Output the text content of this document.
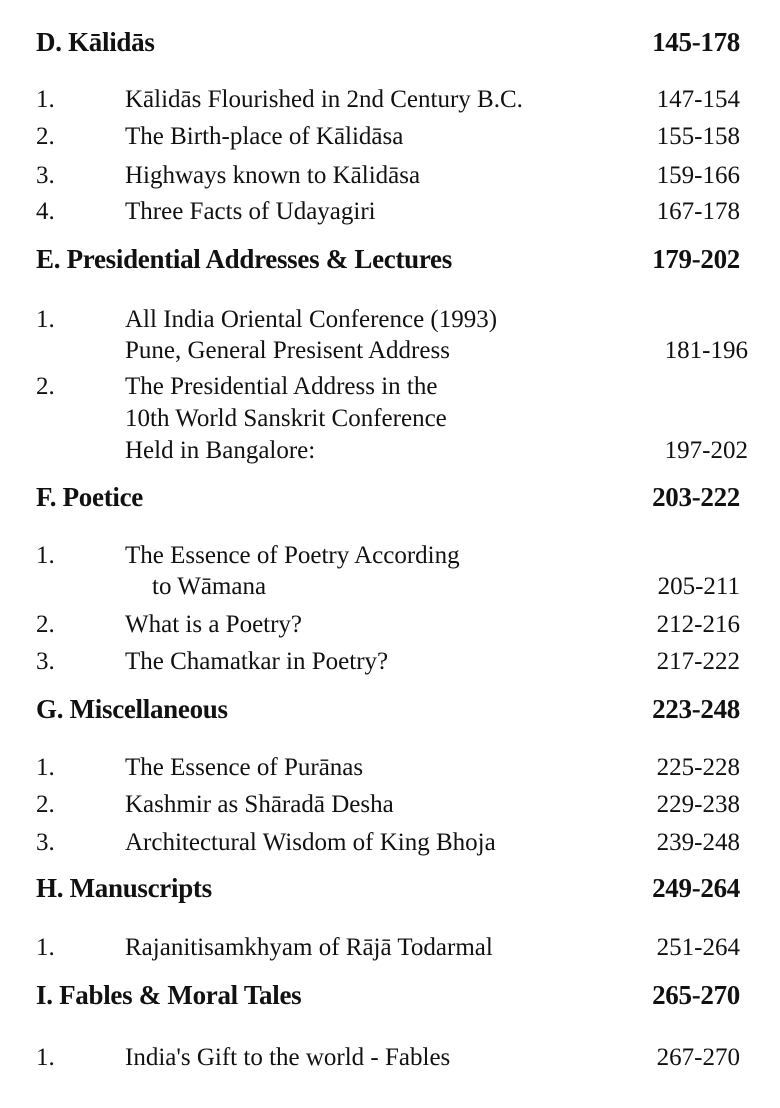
D. Kālidās	145-178
1.	Kālidās Flourished in 2nd Century B.C.	147-154
2.	The Birth-place of Kālidāsa	155-158
3.	Highways known to Kālidāsa	159-166
4.	Three Facts of Udayagiri	167-178
E. Presidential Addresses & Lectures	179-202
1.	All India Oriental Conference (1993)
Pune, General Presisent Address	181-196
2.	The Presidential Address in the
10th World Sanskrit Conference
Held in Bangalore:	197-202
F. Poetice	203-222
1.	The Essence of Poetry According
to Wāmana	205-211
2.	What is a Poetry?	212-216
3.	The Chamatkar in Poetry?	217-222
G. Miscellaneous	223-248
1.	The Essence of Purānas	225-228
2.	Kashmir as Shāradā Desha	229-238
3.	Architectural Wisdom of King Bhoja	239-248
H. Manuscripts	249-264
1.	Rajanitisamkhyam of Rājā Todarmal	251-264
I. Fables & Moral Tales	265-270
1.	India's Gift to the world - Fables	267-270
